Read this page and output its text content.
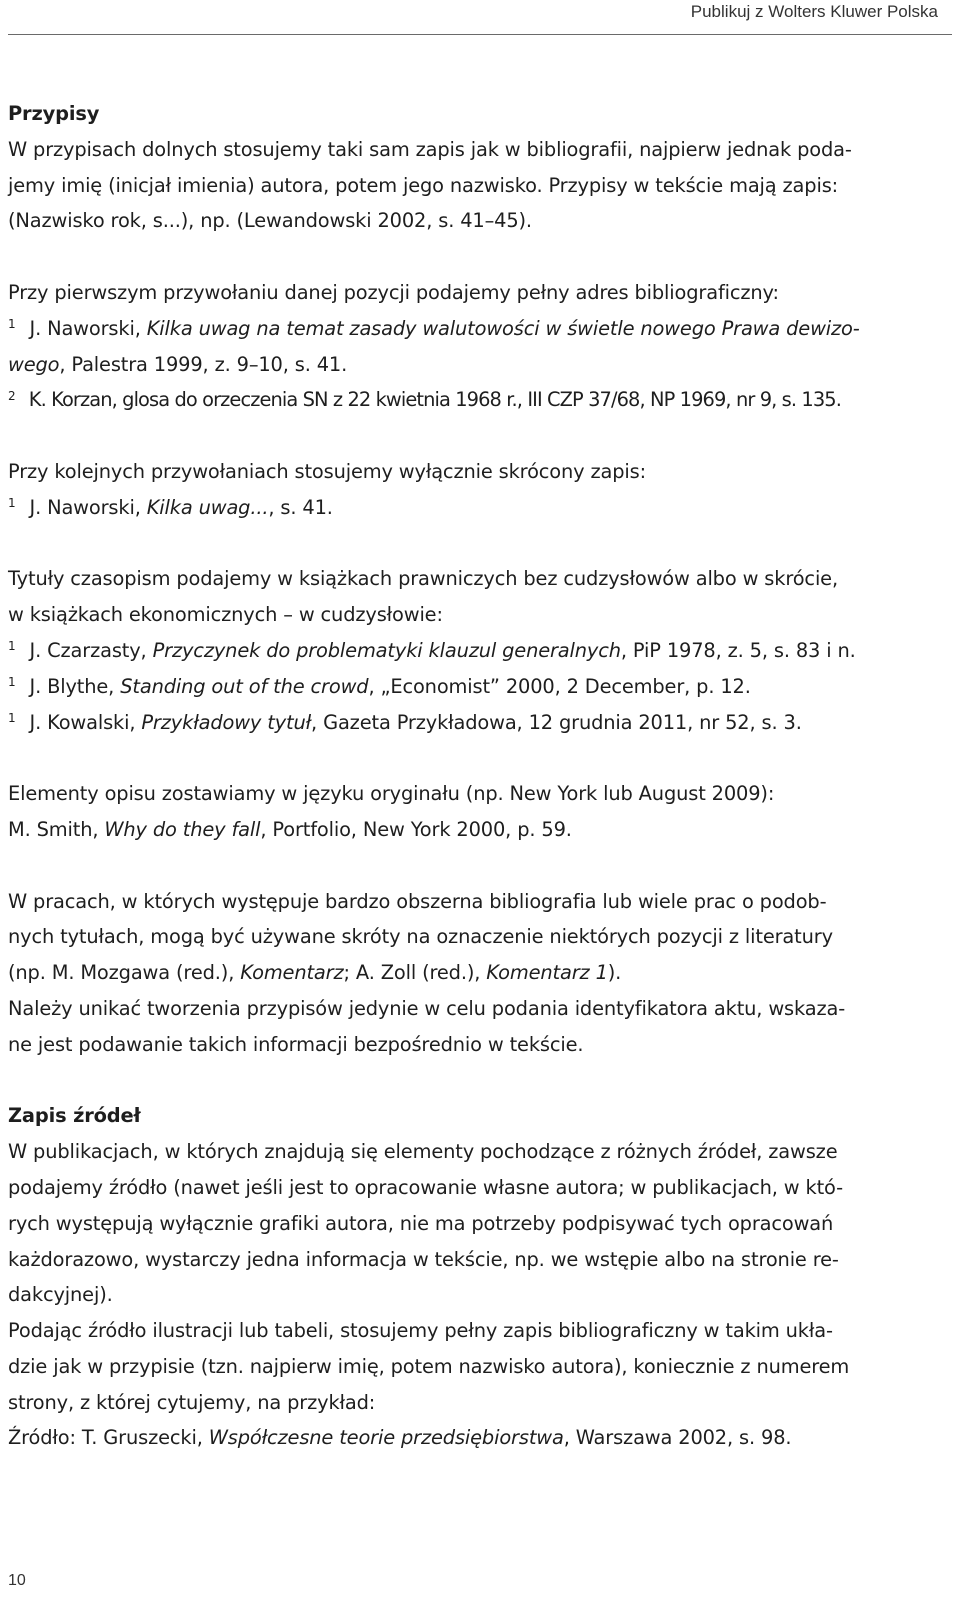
Publikuj z Wolters Kluwer Polska

Przypisy

W przypisach dolnych stosujemy taki sam zapis jak w bibliografii, najpierw jednak poda-

jemy imię (inicjał imienia) autora, potem jego nazwisko. Przypisy w tekście mają zapis:

(Nazwisko rok, s...), np. (Lewandowski 2002, s. 41–45).

Przy pierwszym przywołaniu danej pozycji podajemy pełny adres bibliograficzny:

$^1$ J. Naworski, Kilka uwag na temat zasady walutowości w świetle nowego Prawa dewizo-

wego, Palestra 1999, z. 9–10, s. 41.

$^2$ K. Korzan, glosa do orzeczenia SN z 22 kwietnia 1968 r., III CZP 37/68, NP 1969, nr 9, s. 135.

Przy kolejnych przywołaniach stosujemy wyłącznie skrócony zapis:

$^1$ J. Naworski, Kilka uwag..., s. 41.

Tytuły czasopism podajemy w książkach prawniczych bez cudzysłowów albo w skrócie,

w książkach ekonomicznych – w cudzysłowie:

$^1$ J. Czarzasty, Przyczynek do problematyki klauzul generalnych, PiP 1978, z. 5, s. 83 i n.

$^1$ J. Blythe, Standing out of the crowd, „Economist” 2000, 2 December, p. 12.

$^1$ J. Kowalski, Przykładowy tytuł, Gazeta Przykładowa, 12 grudnia 2011, nr 52, s. 3.

Elementy opisu zostawiamy w języku oryginału (np. New York lub August 2009):

M. Smith, Why do they fall, Portfolio, New York 2000, p. 59.

W pracach, w których występuje bardzo obszerna bibliografia lub wiele prac o podob-

nych tytułach, mogą być używane skróty na oznaczenie niektórych pozycji z literatury

(np. M. Mozgawa (red.), Komentarz; A. Zoll (red.), Komentarz 1).

Należy unikać tworzenia przypisów jedynie w celu podania identyfikatora aktu, wskaza-

ne jest podawanie takich informacji bezpośrednio w tekście.

Zapis źródeł

W publikacjach, w których znajdują się elementy pochodzące z różnych źródeł, zawsze

podajemy źródło (nawet jeśli jest to opracowanie własne autora; w publikacjach, w któ-

rych występują wyłącznie grafiki autora, nie ma potrzeby podpisywać tych opracowań

każdorazowo, wystarczy jedna informacja w tekście, np. we wstępie albo na stronie re-

dakcyjnej).

Podając źródło ilustracji lub tabeli, stosujemy pełny zapis bibliograficzny w takim ukła-

dzie jak w przypisie (tzn. najpierw imię, potem nazwisko autora), koniecznie z numerem

strony, z której cytujemy, na przykład:

Źródło: T. Gruszecki, Współczesne teorie przedsiębiorstwa, Warszawa 2002, s. 98.

10
